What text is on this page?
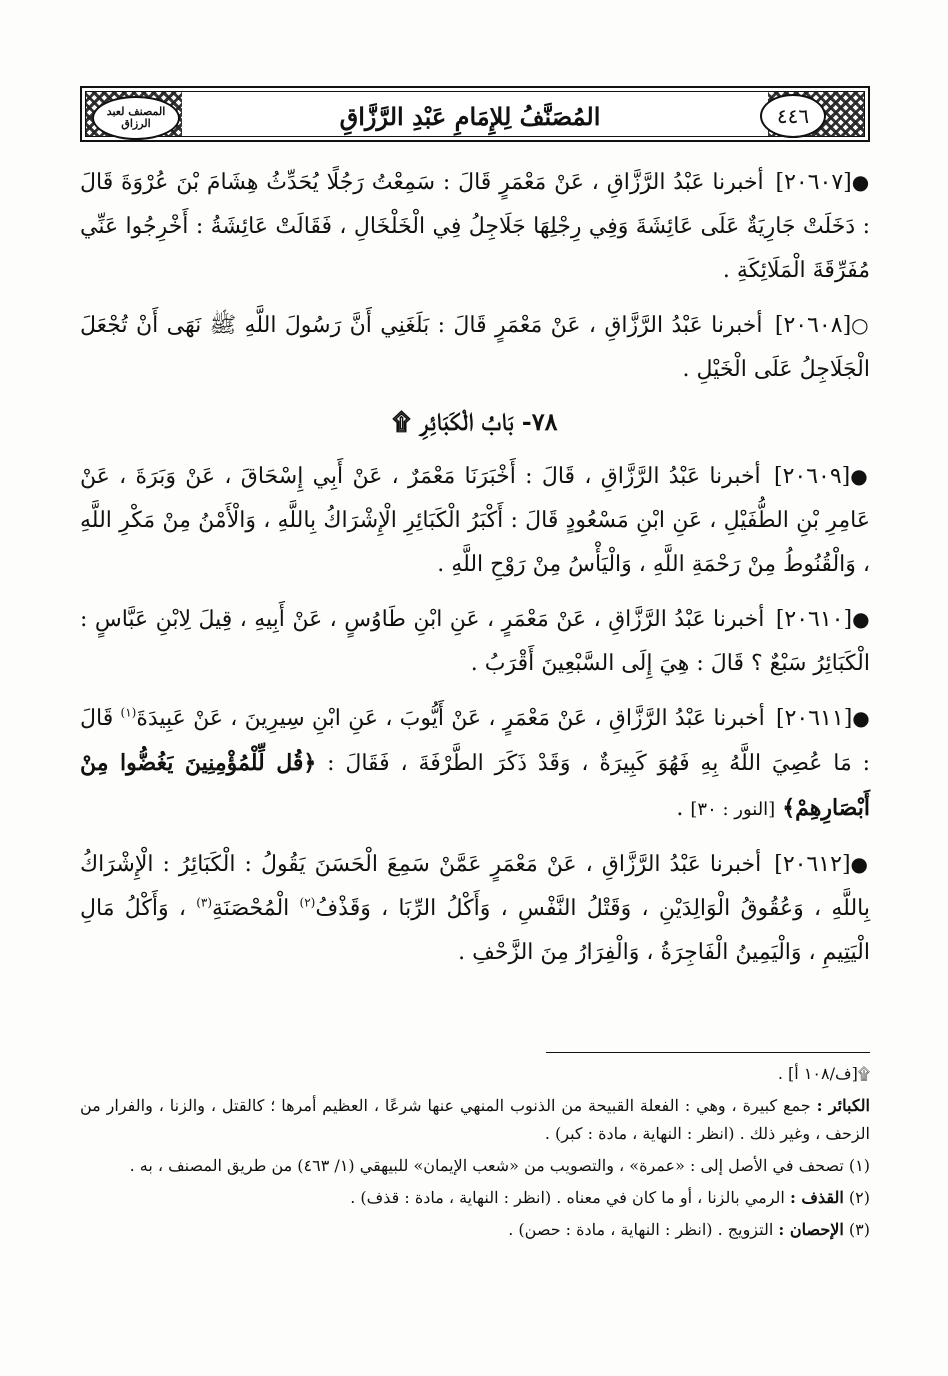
المصنف لعبد الرزاق	المُصَنَّفُ لِلإِمَامِ عَبْدِ الرَّزَّاقِ	٤٤٦

●[٢٠٦٠٧] أخبرنا عَبْدُ الرَّزَّاقِ ، عَنْ مَعْمَرٍ قَالَ : سَمِعْتُ رَجُلًا يُحَدِّثُ هِشَامَ بْنَ عُرْوَةَ قَالَ : دَخَلَتْ جَارِيَةٌ عَلَى عَائِشَةَ وَفِي رِجْلِهَا جَلَاجِلُ فِي الْخَلْخَالِ ، فَقَالَتْ عَائِشَةُ : أَخْرِجُوا عَنِّي مُفَرِّقَةَ الْمَلَائِكَةِ .

○[٢٠٦٠٨] أخبرنا عَبْدُ الرَّزَّاقِ ، عَنْ مَعْمَرٍ قَالَ : بَلَغَنِي أَنَّ رَسُولَ اللَّهِ ﷺ نَهَى أَنْ تُجْعَلَ الْجَلَاجِلُ عَلَى الْخَيْلِ .

٧٨- بَابُ الْكَبَائِرِ ۩

●[٢٠٦٠٩] أخبرنا عَبْدُ الرَّزَّاقِ ، قَالَ : أَخْبَرَنَا مَعْمَرٌ ، عَنْ أَبِي إِسْحَاقَ ، عَنْ وَبَرَةَ ، عَنْ عَامِرِ بْنِ الطُّفَيْلِ ، عَنِ ابْنِ مَسْعُودٍ قَالَ : أَكْبَرُ الْكَبَائِرِ الْإِشْرَاكُ بِاللَّهِ ، وَالْأَمْنُ مِنْ مَكْرِ اللَّهِ ، وَالْقُنُوطُ مِنْ رَحْمَةِ اللَّهِ ، وَالْيَأْسُ مِنْ رَوْحِ اللَّهِ .

●[٢٠٦١٠] أخبرنا عَبْدُ الرَّزَّاقِ ، عَنْ مَعْمَرٍ ، عَنِ ابْنِ طَاوُسٍ ، عَنْ أَبِيهِ ، قِيلَ لِابْنِ عَبَّاسٍ : الْكَبَائِرُ سَبْعٌ ؟ قَالَ : هِيَ إِلَى السَّبْعِينَ أَقْرَبُ .

●[٢٠٦١١] أخبرنا عَبْدُ الرَّزَّاقِ ، عَنْ مَعْمَرٍ ، عَنْ أَيُّوبَ ، عَنِ ابْنِ سِيرِينَ ، عَنْ عَبِيدَةَ$^{(١)}$ قَالَ : مَا عُصِيَ اللَّهُ بِهِ فَهُوَ كَبِيرَةٌ ، وَقَدْ ذَكَرَ الطَّرْفَةَ ، فَقَالَ : ﴿قُل لِّلْمُؤْمِنِينَ يَغُضُّوا مِنْ أَبْصَارِهِمْ﴾ [النور : ٣٠] .

●[٢٠٦١٢] أخبرنا عَبْدُ الرَّزَّاقِ ، عَنْ مَعْمَرٍ عَمَّنْ سَمِعَ الْحَسَنَ يَقُولُ : الْكَبَائِرُ : الْإِشْرَاكُ بِاللَّهِ ، وَعُقُوقُ الْوَالِدَيْنِ ، وَقَتْلُ النَّفْسِ ، وَأَكْلُ الرِّبَا ، وَقَذْفُ$^{(٢)}$ الْمُحْصَنَةِ$^{(٣)}$ ، وَأَكْلُ مَالِ الْيَتِيمِ ، وَالْيَمِينُ الْفَاجِرَةُ ، وَالْفِرَارُ مِنَ الزَّحْفِ .

۩[ف/١٠٨ أ] .
الكبائر : جمع كبيرة ، وهي : الفعلة القبيحة من الذنوب المنهي عنها شرعًا ، العظيم أمرها ؛ كالقتل ، والزنا ، والفرار من الزحف ، وغير ذلك . (انظر : النهاية ، مادة : كبر) .
(١) تصحف في الأصل إلى : «عمرة» ، والتصويب من «شعب الإيمان» للبيهقي (١/ ٤٦٣) من طريق المصنف ، به .
(٢) القذف : الرمي بالزنا ، أو ما كان في معناه . (انظر : النهاية ، مادة : قذف) .
(٣) الإحصان : التزويج . (انظر : النهاية ، مادة : حصن) .
